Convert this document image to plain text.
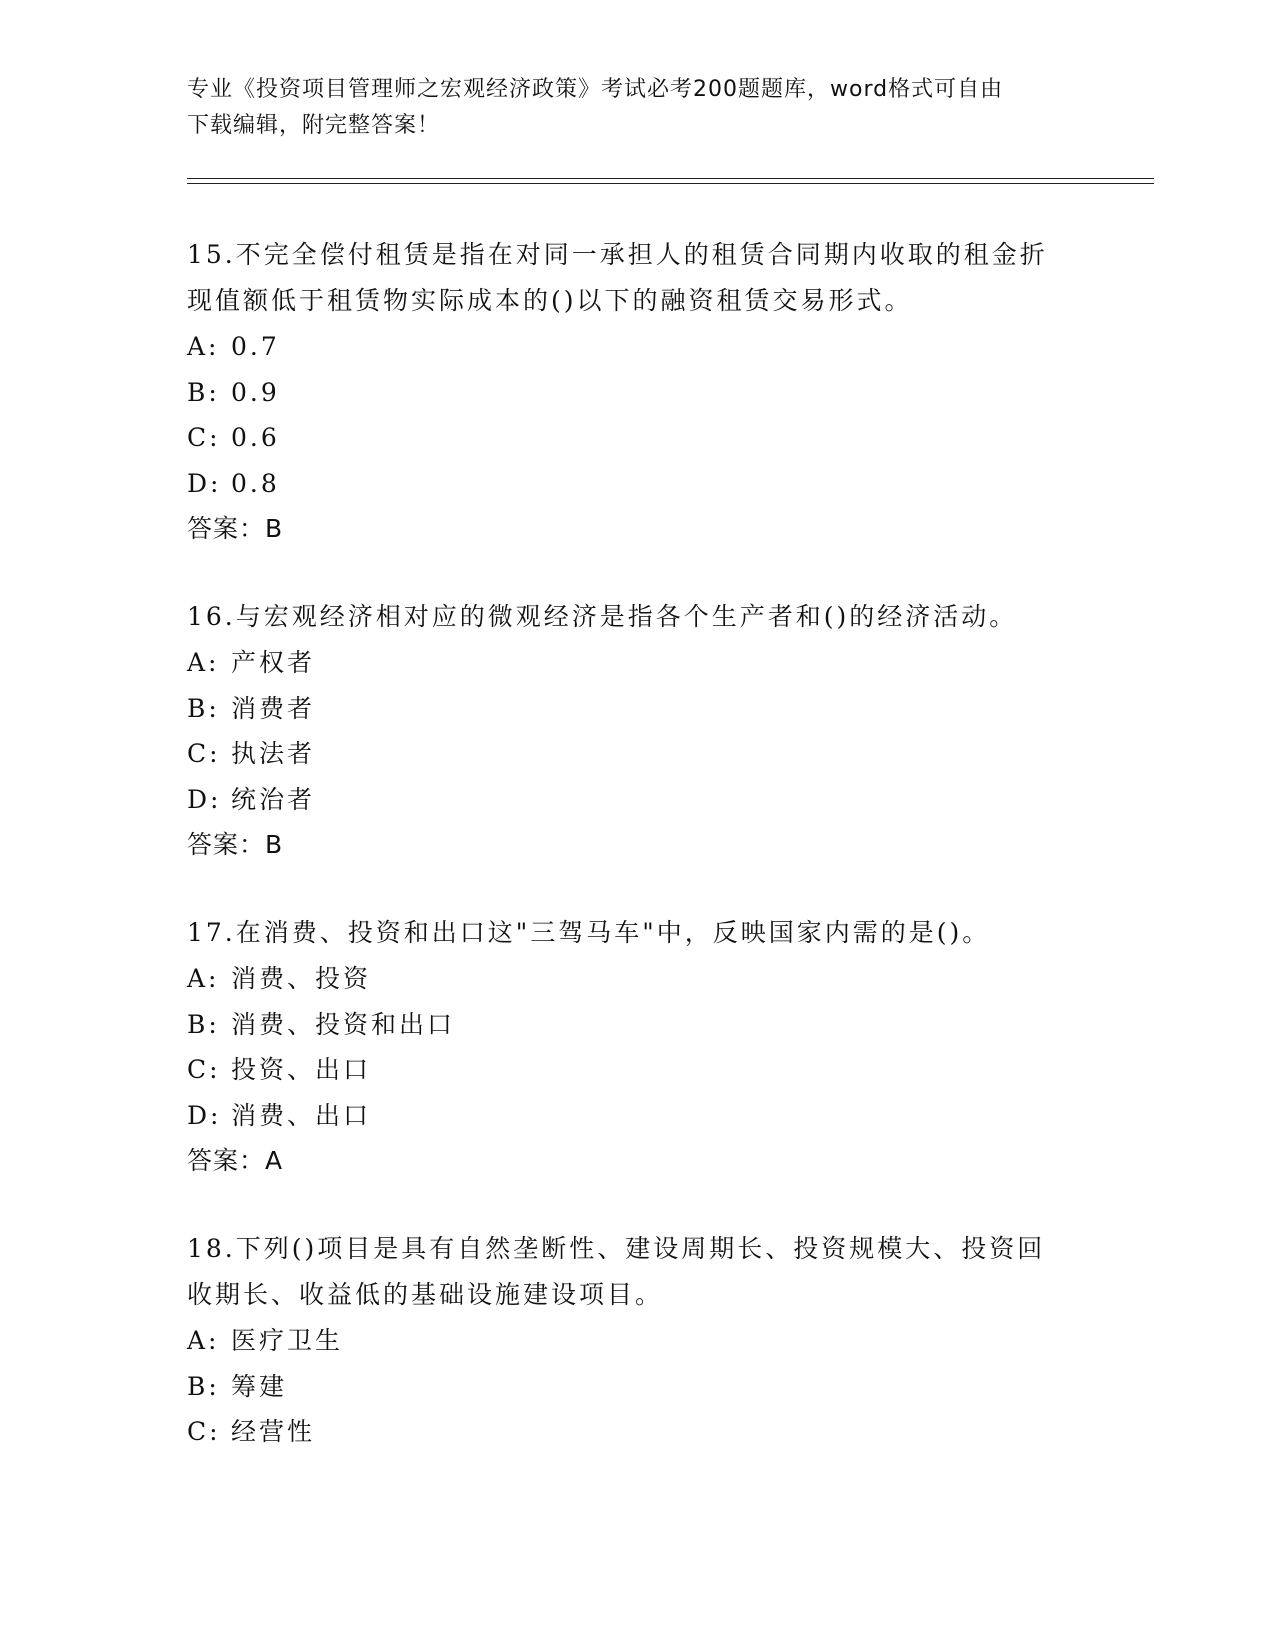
专业《投资项目管理师之宏观经济政策》考试必考200题题库，word格式可自由
下载编辑，附完整答案！
15.不完全偿付租赁是指在对同一承担人的租赁合同期内收取的租金折
现值额低于租赁物实际成本的()以下的融资租赁交易形式。
A: 0.7
B: 0.9
C: 0.6
D: 0.8
答案：B
16.与宏观经济相对应的微观经济是指各个生产者和()的经济活动。
A: 产权者
B: 消费者
C: 执法者
D: 统治者
答案：B
17.在消费、投资和出口这"三驾马车"中，反映国家内需的是()。
A: 消费、投资
B: 消费、投资和出口
C: 投资、出口
D: 消费、出口
答案：A
18.下列()项目是具有自然垄断性、建设周期长、投资规模大、投资回
收期长、收益低的基础设施建设项目。
A: 医疗卫生
B: 筹建
C: 经营性
